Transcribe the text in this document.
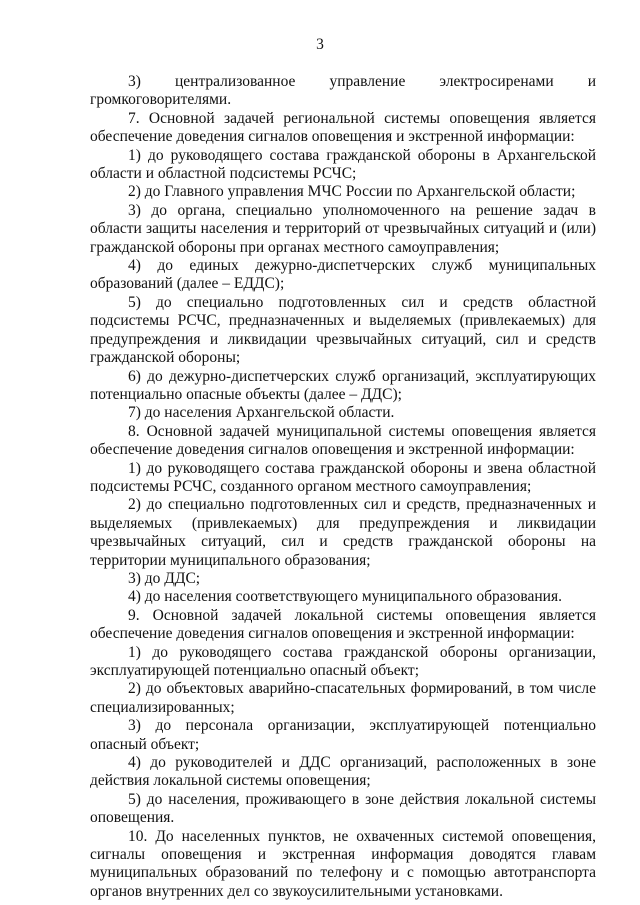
3

3) централизованное управление электросиренами и громкоговорителями.

7. Основной задачей региональной системы оповещения является обеспечение доведения сигналов оповещения и экстренной информации:

1) до руководящего состава гражданской обороны в Архангельской области и областной подсистемы РСЧС;

2) до Главного управления МЧС России по Архангельской области;

3) до органа, специально уполномоченного на решение задач в области защиты населения и территорий от чрезвычайных ситуаций и (или) гражданской обороны при органах местного самоуправления;

4) до единых дежурно-диспетчерских служб муниципальных образований (далее – ЕДДС);

5) до специально подготовленных сил и средств областной подсистемы РСЧС, предназначенных и выделяемых (привлекаемых) для предупреждения и ликвидации чрезвычайных ситуаций, сил и средств гражданской обороны;

6) до дежурно-диспетчерских служб организаций, эксплуатирующих потенциально опасные объекты (далее – ДДС);

7) до населения Архангельской области.

8. Основной задачей муниципальной системы оповещения является обеспечение доведения сигналов оповещения и экстренной информации:

1) до руководящего состава гражданской обороны и звена областной подсистемы РСЧС, созданного органом местного самоуправления;

2) до специально подготовленных сил и средств, предназначенных и выделяемых (привлекаемых) для предупреждения и ликвидации чрезвычайных ситуаций, сил и средств гражданской обороны на территории муниципального образования;

3) до ДДС;

4) до населения соответствующего муниципального образования.

9. Основной задачей локальной системы оповещения является обеспечение доведения сигналов оповещения и экстренной информации:

1) до руководящего состава гражданской обороны организации, эксплуатирующей потенциально опасный объект;

2) до объектовых аварийно-спасательных формирований, в том числе специализированных;

3) до персонала организации, эксплуатирующей потенциально опасный объект;

4) до руководителей и ДДС организаций, расположенных в зоне действия локальной системы оповещения;

5) до населения, проживающего в зоне действия локальной системы оповещения.

10. До населенных пунктов, не охваченных системой оповещения, сигналы оповещения и экстренная информация доводятся главам муниципальных образований по телефону и с помощью автотранспорта органов внутренних дел со звукоусилительными установками.
